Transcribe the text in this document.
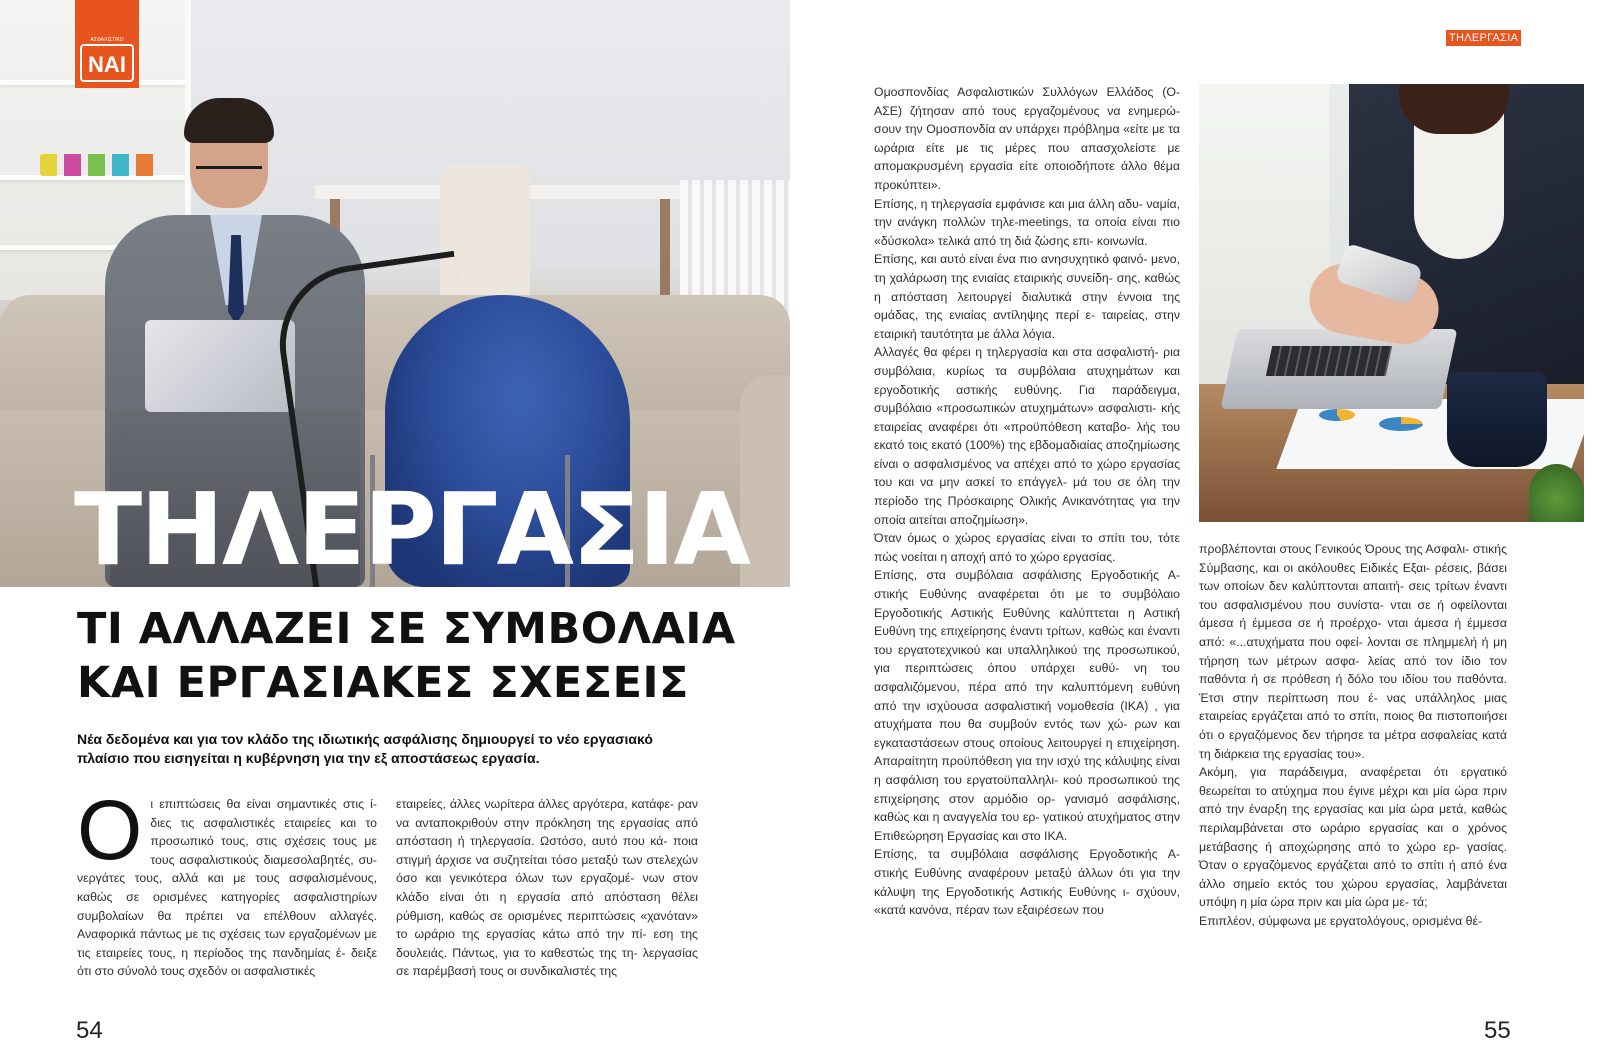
ΑΣΦΑΛΙΣΤΙΚΟ
ΝΑΙ
ΤΗΛΕΡΓΑΣΙΑ
ΤΙ ΑΛΛΑΖΕΙ ΣΕ ΣΥΜΒΟΛΑΙΑ
ΚΑΙ ΕΡΓΑΣΙΑΚΕΣ ΣΧΕΣΕΙΣ

Νέα δεδομένα και για τον κλάδο της ιδιωτικής ασφάλισης δημιουργεί το νέο εργασιακό πλαίσιο που εισηγείται η κυβέρνηση για την εξ αποστάσεως εργασία.

Ο ι επιπτώσεις θα είναι σημαντικές στις ί- διες τις ασφαλιστικές εταιρείες και το προσωπικό τους, στις σχέσεις τους με τους ασφαλιστικούς διαμεσολαβητές, συ- νεργάτες τους, αλλά και με τους ασφαλισμένους, καθώς σε ορισμένες κατηγορίες ασφαλιστηρίων συμβολαίων θα πρέπει να επέλθουν αλλαγές. Αναφορικά πάντως με τις σχέσεις των εργαζομένων με τις εταιρείες τους, η περίοδος της πανδημίας έ- δειξε ότι στο σύνολό τους σχεδόν οι ασφαλιστικές

εταιρείες, άλλες νωρίτερα άλλες αργότερα, κατάφε- ραν να ανταποκριθούν στην πρόκληση της εργασίας από απόσταση ή τηλεργασία. Ωστόσο, αυτό που κά- ποια στιγμή άρχισε να συζητείται τόσο μεταξύ των στελεχών όσο και γενικότερα όλων των εργαζομέ- νων στον κλάδο είναι ότι η εργασία από απόσταση θέλει ρύθμιση, καθώς σε ορισμένες περιπτώσεις «χανόταν» το ωράριο της εργασίας κάτω από την πί- εση της δουλειάς. Πάντως, για το καθεστώς της τη- λεργασίας σε παρέμβασή τους οι συνδικαλιστές της

54

ΤΗΛΕΡΓΑΣΙΑ

Ομοσπονδίας Ασφαλιστικών Συλλόγων Ελλάδος (Ο- ΑΣΕ) ζήτησαν από τους εργαζομένους να ενημερώ- σουν την Ομοσπονδία αν υπάρχει πρόβλημα «είτε με τα ωράρια είτε με τις μέρες που απασχολείστε με απομακρυσμένη εργασία είτε οποιοδήποτε άλλο θέμα προκύπτει».

Επίσης, η τηλεργασία εμφάνισε και μια άλλη αδυ- ναμία, την ανάγκη πολλών τηλε-meetings, τα οποία είναι πιο «δύσκολα» τελικά από τη διά ζώσης επι- κοινωνία.

Επίσης, και αυτό είναι ένα πιο ανησυχητικό φαινό- μενο, τη χαλάρωση της ενιαίας εταιρικής συνείδη- σης, καθώς η απόσταση λειτουργεί διαλυτικά στην έννοια της ομάδας, της ενιαίας αντίληψης περί ε- ταιρείας, στην εταιρική ταυτότητα με άλλα λόγια.

Αλλαγές θα φέρει η τηλεργασία και στα ασφαλιστή- ρια συμβόλαια, κυρίως τα συμβόλαια ατυχημάτων και εργοδοτικής αστικής ευθύνης. Για παράδειγμα, συμβόλαιο «προσωπικών ατυχημάτων» ασφαλιστι- κής εταιρείας αναφέρει ότι «προϋπόθεση καταβο- λής του εκατό τοις εκατό (100%) της εβδομαδιαίας αποζημίωσης είναι ο ασφαλισμένος να απέχει από το χώρο εργασίας του και να μην ασκεί το επάγγελ- μά του σε όλη την περίοδο της Πρόσκαιρης Ολικής Ανικανότητας για την οποία αιτείται αποζημίωση».

Όταν όμως ο χώρος εργασίας είναι το σπίτι του, τότε πώς νοείται η αποχή από το χώρο εργασίας.

Επίσης, στα συμβόλαια ασφάλισης Εργοδοτικής Α- στικής Ευθύνης αναφέρεται ότι με το συμβόλαιο Εργοδοτικής Αστικής Ευθύνης καλύπτεται η Αστική Ευθύνη της επιχείρησης έναντι τρίτων, καθώς και έναντι του εργατοτεχνικού και υπαλληλικού της προσωπικού, για περιπτώσεις όπου υπάρχει ευθύ- νη του ασφαλιζόμενου, πέρα από την καλυπτόμενη ευθύνη από την ισχύουσα ασφαλιστική νομοθεσία (ΙΚΑ) , για ατυχήματα που θα συμβούν εντός των χώ- ρων και εγκαταστάσεων στους οποίους λειτουργεί η επιχείρηση. Απαραίτητη προϋπόθεση για την ισχύ της κάλυψης είναι η ασφάλιση του εργατοϋπαλληλι- κού προσωπικού της επιχείρησης στον αρμόδιο ορ- γανισμό ασφάλισης, καθώς και η αναγγελία του ερ- γατικού ατυχήματος στην Επιθεώρηση Εργασίας και στο ΙΚΑ.

Επίσης, τα συμβόλαια ασφάλισης Εργοδοτικής Α- στικής Ευθύνης αναφέρουν μεταξύ άλλων ότι για την κάλυψη της Εργοδοτικής Αστικής Ευθύνης ι- σχύουν, «κατά κανόνα, πέραν των εξαιρέσεων που

προβλέπονται στους Γενικούς Όρους της Ασφαλι- στικής Σύμβασης, και οι ακόλουθες Ειδικές Εξαι- ρέσεις, βάσει των οποίων δεν καλύπτονται απαιτή- σεις τρίτων έναντι του ασφαλισμένου που συνίστα- νται σε ή οφείλονται άμεσα ή έμμεσα σε ή προέρχο- νται άμεσα ή έμμεσα από: «...ατυχήματα που οφεί- λονται σε πλημμελή ή μη τήρηση των μέτρων ασφα- λείας από τον ίδιο τον παθόντα ή σε πρόθεση ή δόλο του ιδίου του παθόντα. Έτσι στην περίπτωση που έ- νας υπάλληλος μιας εταιρείας εργάζεται από το σπίτι, ποιος θα πιστοποιήσει ότι ο εργαζόμενος δεν τήρησε τα μέτρα ασφαλείας κατά τη διάρκεια της εργασίας του».

Ακόμη, για παράδειγμα, αναφέρεται ότι εργατικό θεωρείται το ατύχημα που έγινε μέχρι και μία ώρα πριν από την έναρξη της εργασίας και μία ώρα μετά, καθώς περιλαμβάνεται στο ωράριο εργασίας και ο χρόνος μετάβασης ή αποχώρησης από το χώρο ερ- γασίας. Όταν ο εργαζόμενος εργάζεται από το σπίτι ή από ένα άλλο σημείο εκτός του χώρου εργασίας, λαμβάνεται υπόψη η μία ώρα πριν και μία ώρα με- τά;

Επιπλέον, σύμφωνα με εργατολόγους, ορισμένα θέ-

55
